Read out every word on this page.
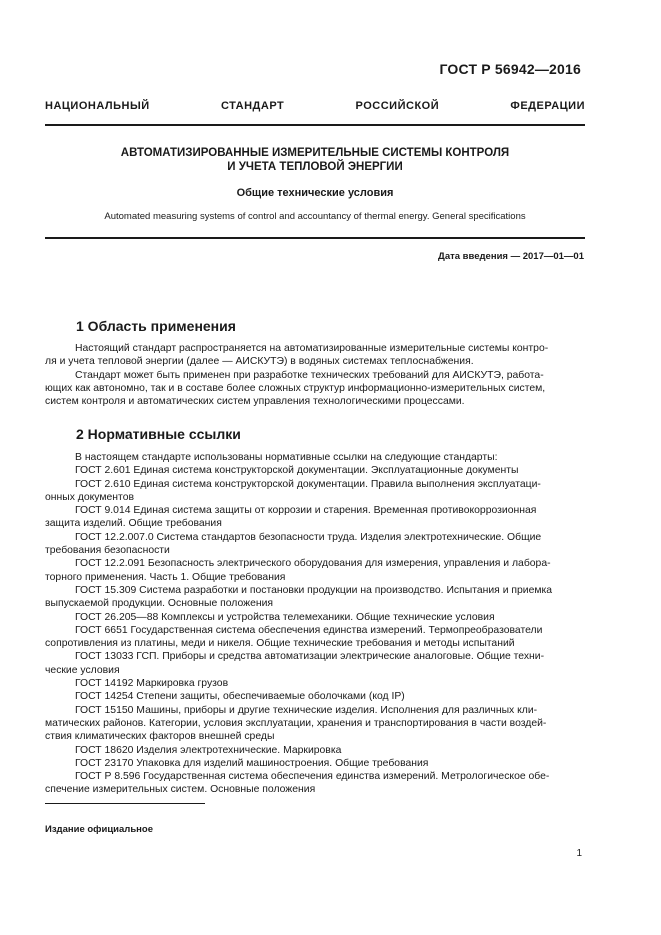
ГОСТ Р 56942—2016
НАЦИОНАЛЬНЫЙ СТАНДАРТ РОССИЙСКОЙ ФЕДЕРАЦИИ
АВТОМАТИЗИРОВАННЫЕ ИЗМЕРИТЕЛЬНЫЕ СИСТЕМЫ КОНТРОЛЯ
И УЧЕТА ТЕПЛОВОЙ ЭНЕРГИИ
Общие технические условия
Automated measuring systems of control and accountancy of thermal energy. General specifications
Дата введения — 2017—01—01
1 Область применения
Настоящий стандарт распространяется на автоматизированные измерительные системы контро-
ля и учета тепловой энергии (далее — АИСКУТЭ) в водяных системах теплоснабжения.
Стандарт может быть применен при разработке технических требований для АИСКУТЭ, работа-
ющих как автономно, так и в составе более сложных структур информационно-измерительных систем,
систем контроля и автоматических систем управления технологическими процессами.
2 Нормативные ссылки
В настоящем стандарте использованы нормативные ссылки на следующие стандарты:
ГОСТ 2.601 Единая система конструкторской документации. Эксплуатационные документы
ГОСТ 2.610 Единая система конструкторской документации. Правила выполнения эксплуатаци-
онных документов
ГОСТ 9.014 Единая система защиты от коррозии и старения. Временная противокоррозионная
защита изделий. Общие требования
ГОСТ 12.2.007.0 Система стандартов безопасности труда. Изделия электротехнические. Общие
требования безопасности
ГОСТ 12.2.091 Безопасность электрического оборудования для измерения, управления и лабора-
торного применения. Часть 1. Общие требования
ГОСТ 15.309 Система разработки и постановки продукции на производство. Испытания и приемка
выпускаемой продукции. Основные положения
ГОСТ 26.205—88 Комплексы и устройства телемеханики. Общие технические условия
ГОСТ 6651 Государственная система обеспечения единства измерений. Термопреобразователи
сопротивления из платины, меди и никеля. Общие технические требования и методы испытаний
ГОСТ 13033 ГСП. Приборы и средства автоматизации электрические аналоговые. Общие техни-
ческие условия
ГОСТ 14192 Маркировка грузов
ГОСТ 14254 Степени защиты, обеспечиваемые оболочками (код IP)
ГОСТ 15150 Машины, приборы и другие технические изделия. Исполнения для различных кли-
матических районов. Категории, условия эксплуатации, хранения и транспортирования в части воздей-
ствия климатических факторов внешней среды
ГОСТ 18620 Изделия электротехнические. Маркировка
ГОСТ 23170 Упаковка для изделий машиностроения. Общие требования
ГОСТ Р 8.596 Государственная система обеспечения единства измерений. Метрологическое обе-
спечение измерительных систем. Основные положения
Издание официальное
1
